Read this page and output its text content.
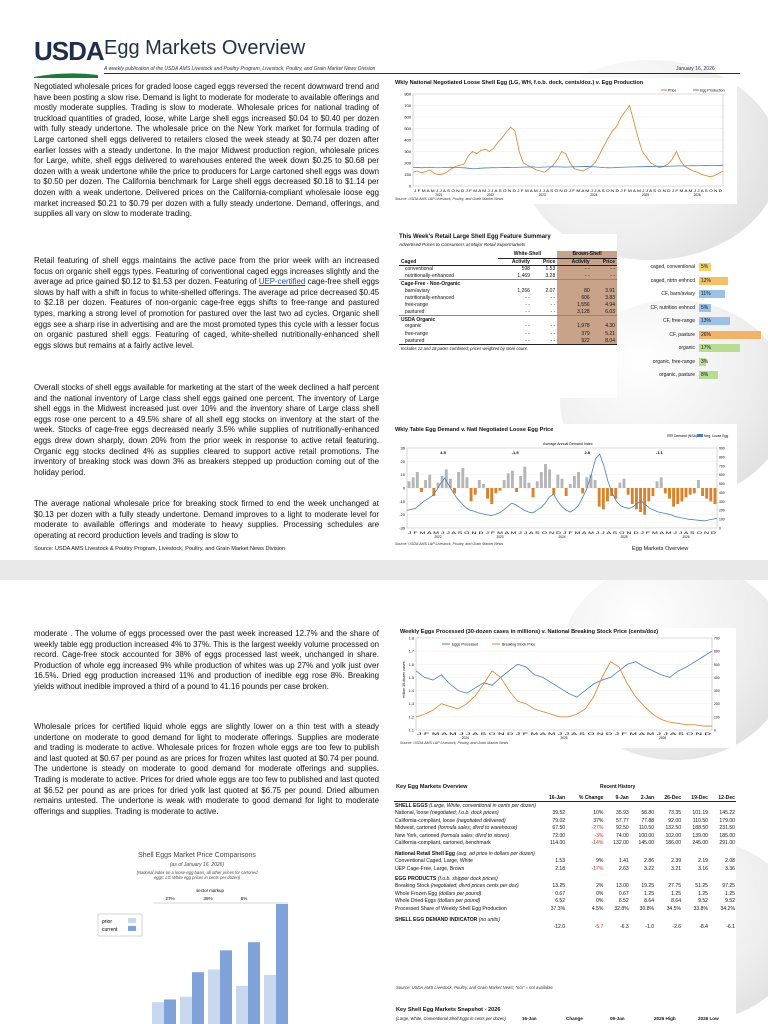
USDA Egg Markets Overview
A weekly publication of the USDA AMS Livestock and Poultry Program, Livestock, Poultry, and Grain Market News Division	January 16, 2026
Negotiated wholesale prices for graded loose caged eggs reversed the recent downward trend and have been posting a slow rise. Demand is light to moderate for moderate to available offerings and mostly moderate supplies. Trading is slow to moderate. Wholesale prices for national trading of truckload quantities of graded, loose, white Large shell eggs increased $0.04 to $0.40 per dozen with fully steady undertone. The wholesale price on the New York market for formula trading of Large cartoned shell eggs delivered to retailers closed the week steady at $0.74 per dozen after earlier losses with a steady undertone. In the major Midwest production region, wholesale prices for Large, white, shell eggs delivered to warehouses entered the week down $0.25 to $0.68 per dozen with a weak undertone while the price to producers for Large cartoned shell eggs was down to $0.50 per dozen. The California benchmark for Large shell eggs decreased $0.18 to $1.14 per dozen with a weak undertone. Delivered prices on the California-compliant wholesale loose egg market increased $0.21 to $0.79 per dozen with a fully steady undertone. Demand, offerings, and supplies all vary on slow to moderate trading.
Retail featuring of shell eggs maintains the active pace from the prior week with an increased focus on organic shell eggs types. Featuring of conventional caged eggs increases slightly and the average ad price gained $0.12 to $1.53 per dozen. Featuring of UEP-certified cage-free shell eggs slows by half with a shift in focus to white-shelled offerings. The average ad price decreased $0.45 to $2.18 per dozen. Features of non-organic cage-free eggs shifts to free-range and pastured types, marking a strong level of promotion for pastured over the last two ad cycles. Organic shell eggs see a sharp rise in advertising and are the most promoted types this cycle with a lesser focus on organic pastured shell eggs. Featuring of caged, white-shelled nutritionally-enhanced shell eggs slows but remains at a fairly active level.
Overall stocks of shell eggs available for marketing at the start of the week declined a half percent and the national inventory of Large class shell eggs gained one percent. The inventory of Large shell eggs in the Midwest increased just over 10% and the inventory share of Large class shell eggs rose one percent to a 49.5% share of all shell egg stocks on inventory at the start of the week. Stocks of cage-free eggs decreased nearly 3.5% while supplies of nutritionally-enhanced eggs drew down sharply, down 20% from the prior week in response to active retail featuring. Organic egg stocks declined 4% as supplies cleared to support active retail promotions. The inventory of breaking stock was down 3% as breakers stepped up production coming out of the holiday period.
The average national wholesale price for breaking stock firmed to end the week unchanged at $0.13 per dozen with a fully steady undertone. Demand improves to a light to moderate level for moderate to available offerings and moderate to heavy supplies. Processing schedules are operating at record production levels and trading is slow to
Wkly National Negotiated Loose Shell Egg (LG, WH, f.o.b. dock, cents/doz.) v. Egg Production
800
700
600
500
400
300
200
150
0
J F M A M J J A S O N D J F M A M J J A S O N D J F M A M J J A S O N D J F M A M J J A S O N D J F M A M J J A S O N D J F M A M J J A S O N D
2021	2022	2023	2024	2025	2026
Price	Egg Production
Source: USDA AMS L&P Livestock, Poultry, and Grain Market News
This Week's Retail Large Shell Egg Feature Summary
Advertised Prices to Consumers at Major Retail Supermarkets
	White-Shell		Brown-Shell	
Caged	Activity	Price	Activity	Price
conventional	598	1.53	- -	- -
nutritionally-enhanced	1,469	3.28	- -	- -
Cage-Free - Non-Organic				
barn/aviary	1,266	2.07	80	3.91
nutritionally-enhanced	- -	- -	606	3.83
free-range	- -	- -	1,556	4.94
pastured	- -	- -	3,128	6.03
USDA Organic				
organic	- -	- -	1,978	4.30
free-range	- -	- -	379	5.21
pastured	- -	- -	922	8.04
Includes 12 and 18 packs combined; prices weighted by store count.				
caged, conventional 5%
caged, ntrtn enhncd 12%
CF, barn/aviary 11%
CF, nutrition enhncd 5%
CF, free-range 13%
CF, pasture 26%
organic 17%
organic, free-range 3%
organic, pasture 8%
Wkly Table Egg Demand v. Natl Negotiated Loose Egg Price
30
20
10
0
-10
-20
-30
900
800
700
600
500
400
300
200
100
0
Average Annual Demand Index
4.5	-1.5	2.8	-1.1
J F M A M J J A S O N D J F M A M J J A S O N D J F M A M J J A S O N D J F M A M J J A S O N D
2022	2023	2024	2025	2026
Demand (NSA) Neg. Loose Egg
Source: USDA AMS L&P Livestock, Poultry, and Grain Market News
Source: USDA AMS Livestock & Poultry Program, Livestock, Poultry, and Grain Market News Division	Egg Markets Overview
moderate . The volume of eggs processed over the past week increased 12.7% and the share of weekly table egg production increased 4% to 37%. This is the largest weekly volume processed on record. Cage-free stock accounted for 38% of eggs processed last week, unchanged in share. Production of whole egg increased 9% while production of whites was up 27% and yolk just over 16.5%. Dried egg production increased 11% and production of inedible egg rose 8%. Breaking yields without inedible improved a third of a pound to 41.16 pounds per case broken.
Wholesale prices for certified liquid whole eggs are slightly lower on a thin test with a steady undertone on moderate to good demand for light to moderate offerings. Supplies are moderate and trading is moderate to active. Wholesale prices for frozen whole eggs are too few to publish and last quoted at $0.67 per pound as are prices for frozen whites last quoted at $0.74 per pound. The undertone is steady on moderate to good demand for moderate offerings and supplies. Trading is moderate to active. Prices for dried whole eggs are too few to published and last quoted at $6.52 per pound as are prices for dried yolk last quoted at $6.75 per pound. Dried albumen remains untested. The undertone is weak with moderate to good demand for light to moderate offerings and supplies. Trading is moderate to active.
Shell Eggs Market Price Comparisons
(as of January 16, 2026)
(National index on a loose-egg basis, all other prices for cartoned eggs; LG White egg prices in cents per dozen)
sector markup
27%	35%	6%
prior
current
Weekly Eggs Processed (30-dozen cases in millions) v. National Breaking Stock Price (cents/doz)
1.8
1.7
1.6
1.5
1.4
1.3
1.2
1.1
700
600
500
400
300
200
100
0
million 30-dozen cases
Eggs Processed	Breaking Stock Price
J F M A M J J A S O N D J F M A M J J A S O N D J F M A M J J A S O N D
2024	2025	2026
Source: USDA AMS L&P Livestock, Poultry, and Grain Market News
Key Egg Markets Overview	Recent History
	16-Jan	% Change	9-Jan	2-Jan	26-Dec	19-Dec	12-Dec
SHELL EGGS (Large, White, conventional in cents per dozen)							
National, loose (negotiated; f.o.b. dock prices)	39.52	10%	35.93	58.80	73.35	101.19	145.22
California-compliant, loose (negotiated delivered)	79.02	37%	57.77	77.88	92.00	110.50	179.00
Midwest, cartoned (formula sales; dlvrd to warehouse)	67.50	-27%	92.50	110.50	132.50	188.50	231.50
New York, cartoned (formula sales; dlvrd to stores)	72.00	-3%	74.00	100.00	102.00	139.00	185.00
California-compliant, cartoned, benchmark	114.00	-14%	132.00	145.00	186.00	245.00	291.00
National Retail Shell Egg (avg. ad price in dollars per dozen)							
Conventional Caged, Large, White	1.53	9%	1.41	2.86	2.39	2.19	2.08
UEP Cage-Free, Large, Brown	2.18	-17%	2.63	3.22	3.21	3.16	3.36
EGG PRODUCTS (f.o.b. shipper dock prices)							
Breaking Stock (negotiated; dlvrd prices cents per doz)	13.25	2%	13.00	19.25	27.75	51.25	97.25
Whole Frozen Egg (dollars per pound)	0.67	0%	0.67	1.25	1.25	1.25	1.25
Whole Dried Eggs (dollars per pound)	6.52	0%	6.52	8.64	8.64	9.52	9.52
Processed Share of Weekly Shell Egg Production	37.3%	4.5%	32.8%	30.8%	34.5%	33.8%	34.2%
SHELL EGG DEMAND INDICATOR (no units)							
	-12.0	-5.7	-6.3	-1.0	-2.6	-8.4	-6.1
Source: USDA AMS Livestock, Poultry, and Grain Market News; "n/a" = not available.
Key Shell Egg Markets Snapshot - 2026
(Large, White, Conventional Shell Eggs in cents per dozen)	16-Jan	Change	09-Jan	2026 High	2026 Low
